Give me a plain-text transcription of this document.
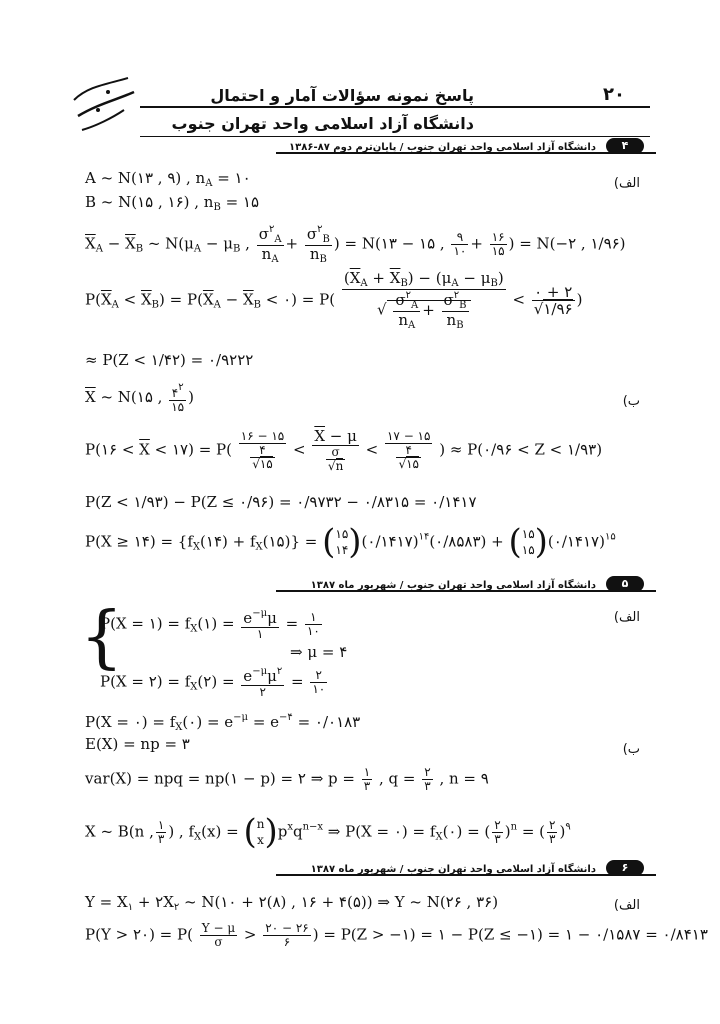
۲۰
پاسخ نمونه سؤالات آمار و احتمال
دانشگاه آزاد اسلامی واحد تهران جنوب
دانشگاه آزاد اسلامی واحد تهران جنوب / پایان‌ترم دوم ۸۷-۱۳۸۶	۴
الف)
A ~ N(۱۳ , ۹) , $n_A$ = ۱۰
B ~ N(۱۵ , ۱۶) , $n_B$ = ۱۵
$\overline{X}_A - \overline{X}_B$ ~ $N(\mu_A - \mu_B$ , $\frac{\sigma^۲_A}{n_A} + \frac{\sigma^۲_B}{n_B}$ ) = N(۱۳ − ۱۵ , $\frac{۹}{۱۰} + \frac{۱۶}{۱۵}$ ) = N(−۲ , ۱/۹۶)
$P(\overline{X}_A < \overline{X}_B) = P(\overline{X}_A - \overline{X}_B$ < ۰) = $P( \frac{(\overline{X}_A + \overline{X}_B) - (\mu_A - \mu_B)}{√ \frac{\sigma^۲_A}{n_A} + \frac{\sigma^۲_B}{n_B}} < \frac{۰ + ۲}{√۱/۹۶}$ )
≈ P(Z < ۱/۴۲) = ۰/۹۲۲۲
$\overline{X}$ ~ N(۱۵ , $\frac{۴^۲}{۱۵}$ )	ب)
P(۱۶ < $\overline{X}$ < ۱۷) = $P( \frac{۱۶ - ۱۵}{\frac{۴}{√۱۵}} < \frac{\overline{X} - \mu}{\frac{\sigma}{√n}} < \frac{۱۷ - ۱۵}{\frac{۴}{√۱۵}}$ ) ≈ P(۰/۹۶ < Z < ۱/۹۳)
P(Z < ۱/۹۳) − P(Z ≤ ۰/۹۶) = ۰/۹۷۳۲ − ۰/۸۳۱۵ = ۰/۱۴۱۷
P(X ≥ ۱۴) = {$f_X(۱۴)$ + $f_X(۱۵)$} = (۱۵
۱۴)(۰/۱۴۱۷)$^{۱۴}$(۰/۸۵۸۳) + (۱۵
۱۵)(۰/۱۴۱۷)$^{۱۵}$
دانشگاه آزاد اسلامی واحد تهران جنوب / شهریور ماه ۱۳۸۷	۵
الف)
{
P(X = ۱) = $f_X(۱) = \frac{e^{-\mu}\mu}{۱} = \frac{۱}{۱۰}$
⇒ μ = ۴
P(X = ۲) = $f_X(۲) = \frac{e^{-\mu}\mu^۲}{۲} = \frac{۲}{۱۰}$
P(X = ۰) = $f_X(۰) = e^{-\mu} = e^{-۴}$ = ۰/۰۱۸۳
E(X) = np = ۳	ب)
var(X) = npq = np(۱ − p) = ۲ ⇒ $p = \frac{۱}{۳}$ , $q = \frac{۲}{۳}$ , n = ۹
X ~ B(n , $\frac{۱}{۳}$ ) , $f_X(x) = (n$
$x)p^xq^{n-x}$ ⇒ P(X = ۰) = $f_X(۰)$ = ( $\frac{۲}{۳} )^n$ = ( $\frac{۲}{۳} )^۹$
دانشگاه آزاد اسلامی واحد تهران جنوب / شهریور ماه ۱۳۸۷	۶
$Y = X_۱$ + $۲X_۲$ ~ N(۱۰ + ۲(۸) , ۱۶ + ۴(۵)) ⇒ Y ~ N(۲۶ , ۳۶)	الف)
P(Y > ۲۰) = $P( \frac{Y - \mu}{\sigma} > \frac{۲۰ - ۲۶}{۶}$ ) = P(Z > −۱) = ۱ − P(Z ≤ −۱) = ۱ − ۰/۱۵۸۷ = ۰/۸۴۱۳
